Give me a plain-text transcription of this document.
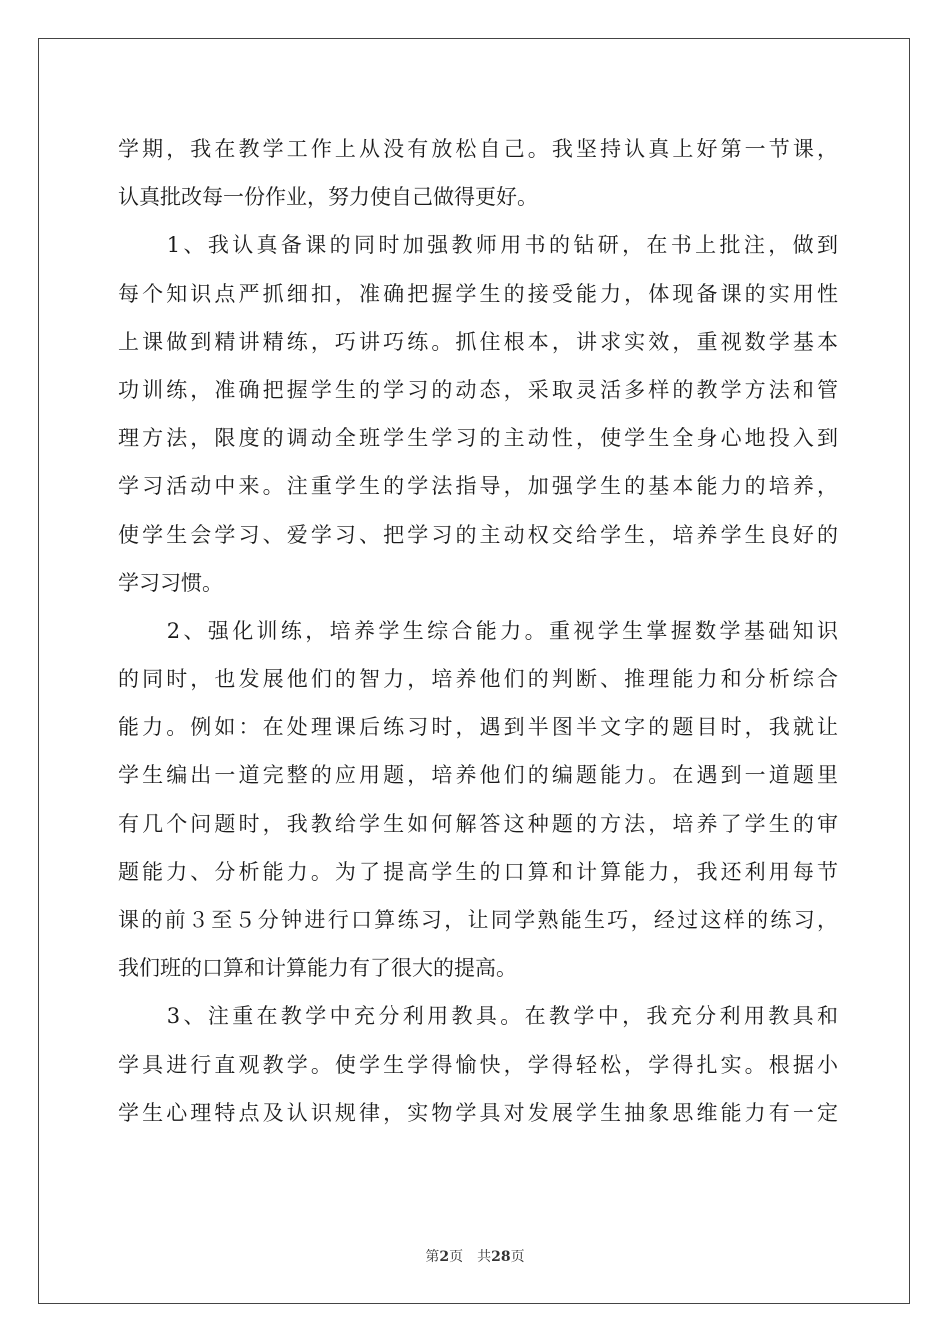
学期，我在教学工作上从没有放松自己。我坚持认真上好第一节课，
认真批改每一份作业，努力使自己做得更好。
　　1、我认真备课的同时加强教师用书的钻研，在书上批注，做到
每个知识点严抓细扣，准确把握学生的接受能力，体现备课的实用性
上课做到精讲精练，巧讲巧练。抓住根本，讲求实效，重视数学基本
功训练，准确把握学生的学习的动态，采取灵活多样的教学方法和管
理方法，限度的调动全班学生学习的主动性，使学生全身心地投入到
学习活动中来。注重学生的学法指导，加强学生的基本能力的培养，
使学生会学习、爱学习、把学习的主动权交给学生，培养学生良好的
学习习惯。
　　2、强化训练，培养学生综合能力。重视学生掌握数学基础知识
的同时，也发展他们的智力，培养他们的判断、推理能力和分析综合
能力。例如：在处理课后练习时，遇到半图半文字的题目时，我就让
学生编出一道完整的应用题，培养他们的编题能力。在遇到一道题里
有几个问题时，我教给学生如何解答这种题的方法，培养了学生的审
题能力、分析能力。为了提高学生的口算和计算能力，我还利用每节
课的前３至５分钟进行口算练习，让同学熟能生巧，经过这样的练习，
我们班的口算和计算能力有了很大的提高。
　　3、注重在教学中充分利用教具。在教学中，我充分利用教具和
学具进行直观教学。使学生学得愉快，学得轻松，学得扎实。根据小
学生心理特点及认识规律，实物学具对发展学生抽象思维能力有一定
第2页 共28页
